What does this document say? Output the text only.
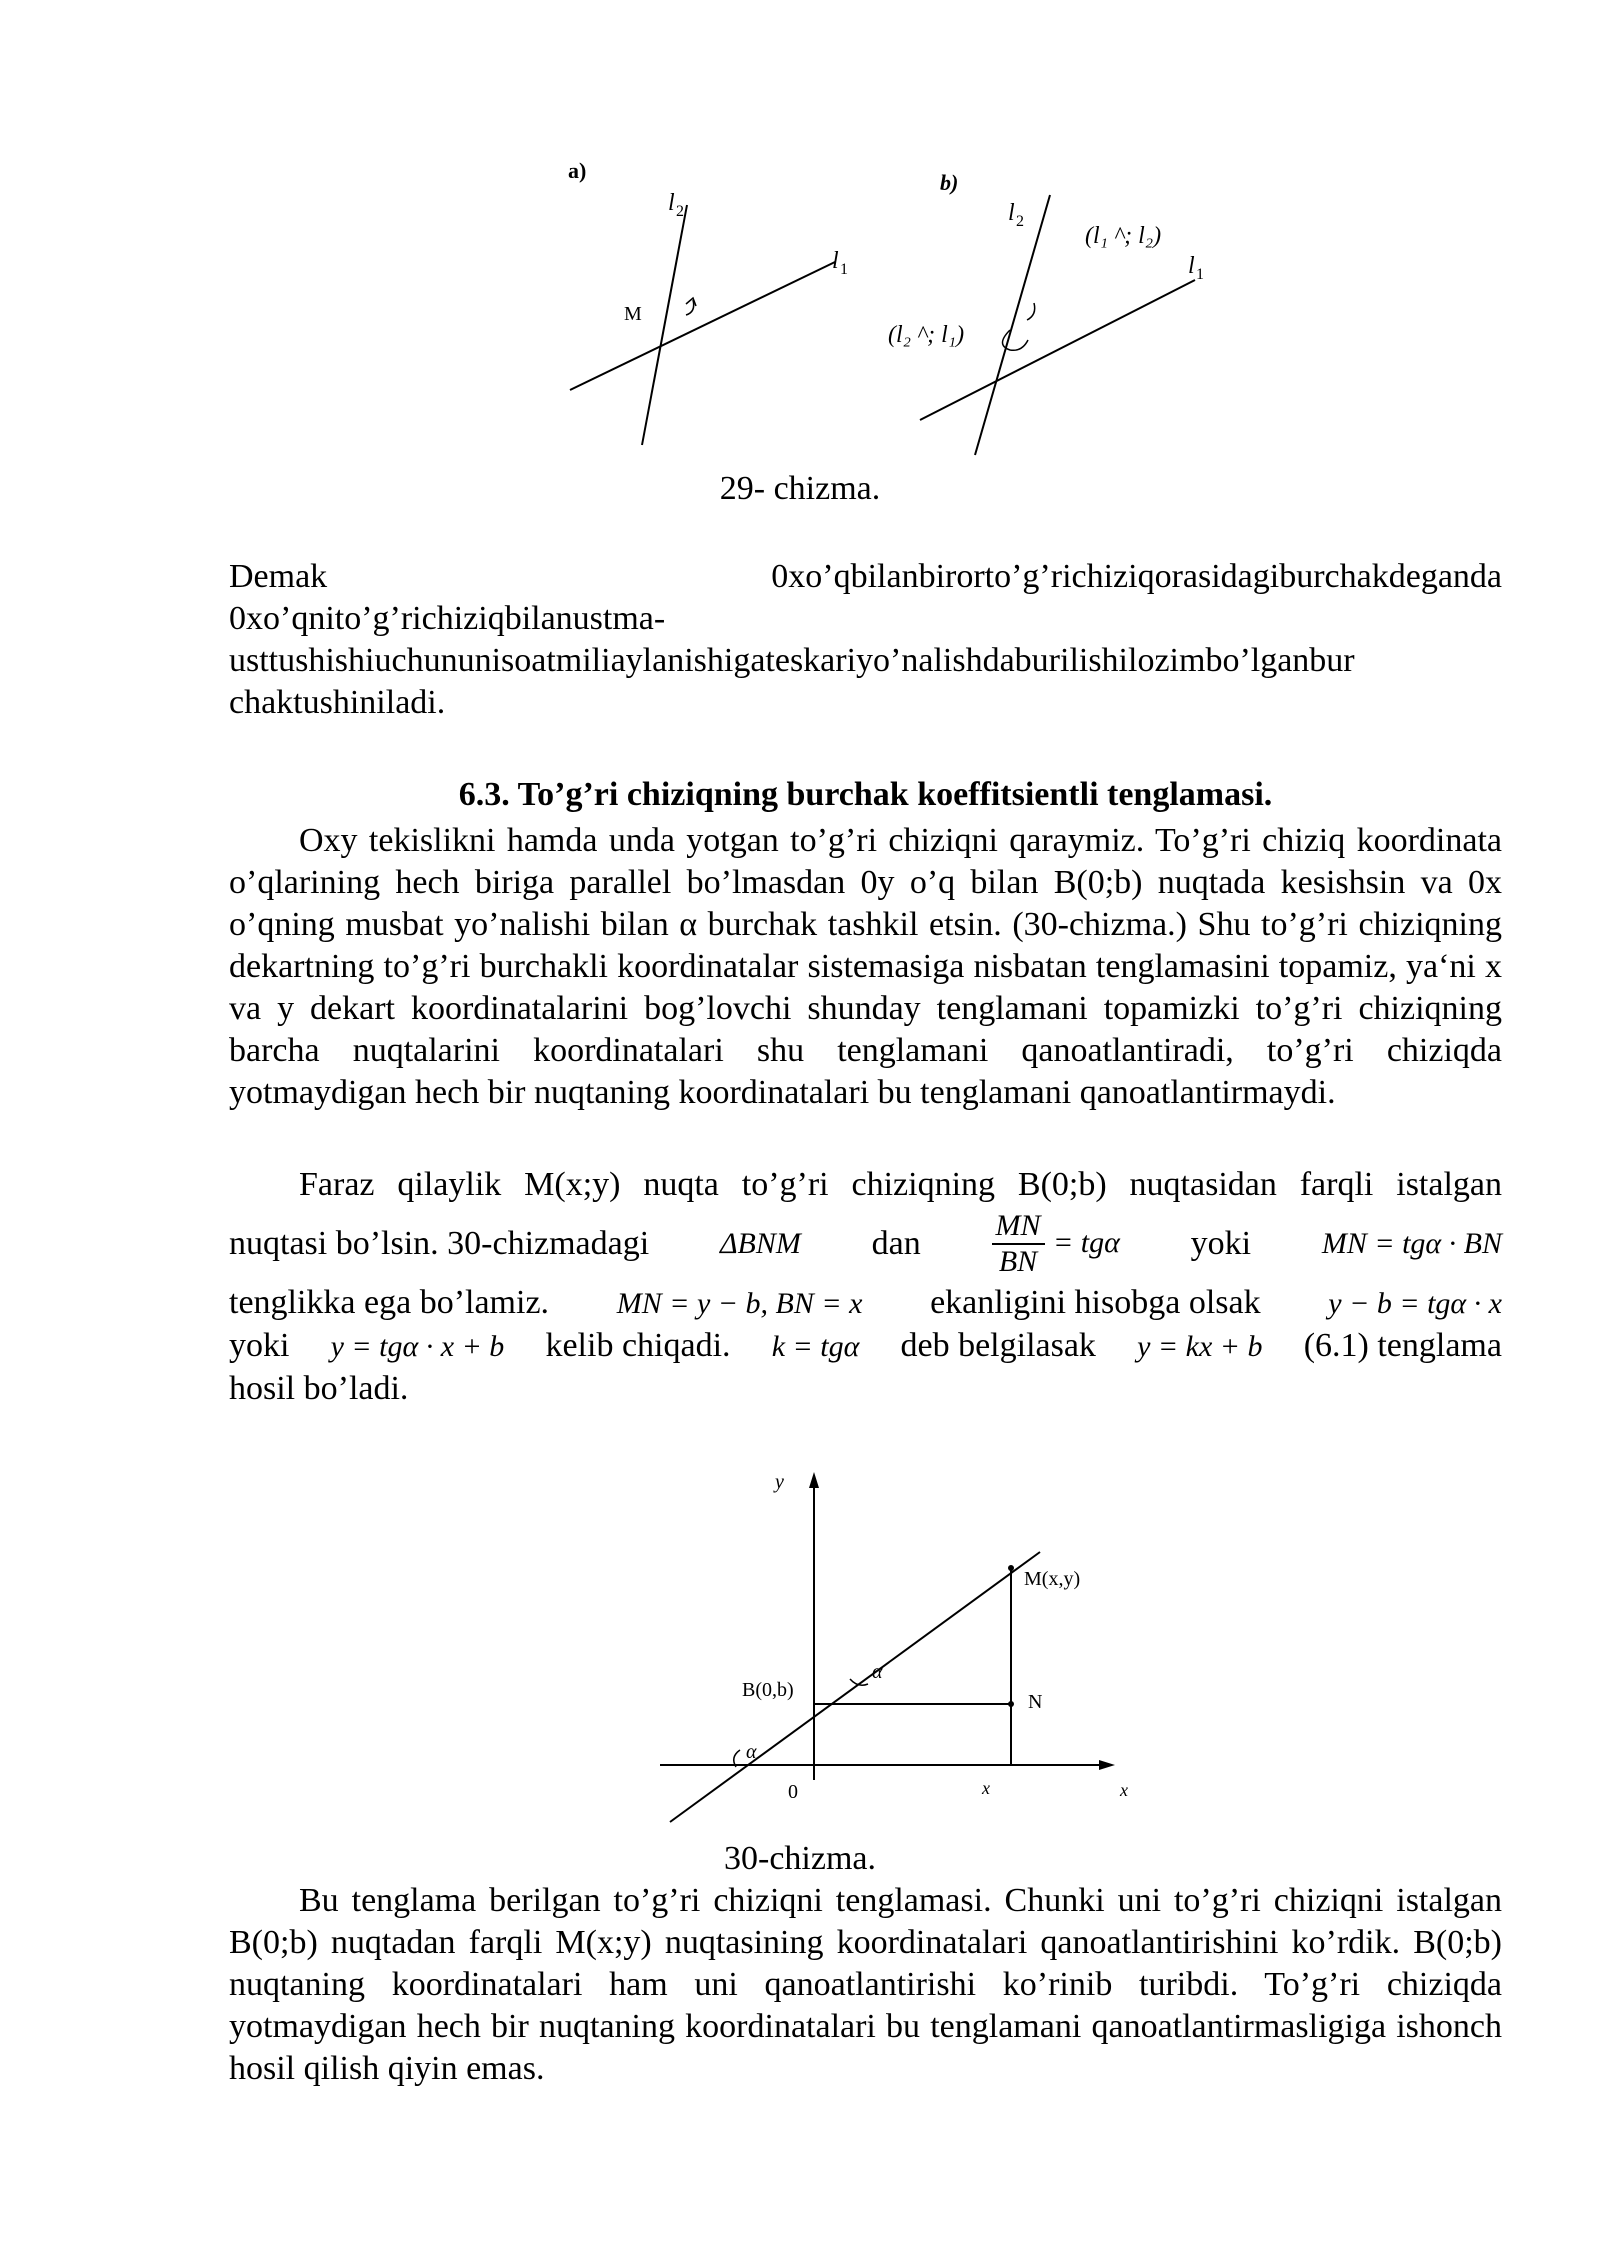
a)
l 2
l 1
M
b)
l 2
l 1
(l₁ ^; l₂)
(l₂ ^; l₁)
29- chizma.
Demak	0xo’qbilanbirorto’g’richiziqorasidagiburchakdeganda
0xo’qnito’g’richiziqbilanustma-
usttushishiuchununisoatmiliaylanishigateskariyo’nalishdaburilishilozimbo’lganbur
chaktushiniladi.
6.3. To’g’ri chiziqning burchak koeffitsientli tenglamasi.
Oxy tekislikni hamda unda yotgan to’g’ri chiziqni qaraymiz. To’g’ri chiziq koordinata o’qlarining hech biriga parallel bo’lmasdan 0y o’q bilan B(0;b) nuqtada kesishsin va 0x o’qning musbat yo’nalishi bilan α burchak tashkil etsin. (30-chizma.) Shu to’g’ri chiziqning dekartning to’g’ri burchakli koordinatalar sistemasiga nisbatan tenglamasini topamiz, ya‘ni x va y dekart koordinatalarini bog’lovchi shunday tenglamani topamizki to’g’ri chiziqning barcha nuqtalarini koordinatalari shu tenglamani qanoatlantiradi, to’g’ri chiziqda yotmaydigan hech bir nuqtaning koordinatalari bu tenglamani qanoatlantirmaydi.
Faraz qilaylik M(x;y) nuqta to’g’ri chiziqning B(0;b) nuqtasidan farqli istalgan
nuqtasi bo’lsin. 30-chizmadagi ΔBNM dan $\frac{MN}{BN} = tg\alpha$ yoki MN = tgα · BN
tenglikka ega bo’lamiz. MN = y − b, BN = x ekanligini hisobga olsak y − b = tgα · x
yoki y = tgα · x + b kelib chiqadi. k = tgα deb belgilasak y = kx + b (6.1) tenglama
hosil bo’ladi.
y
x
0	x
M(x,y)
B(0,b)
N
α
α
30-chizma.
Bu tenglama berilgan to’g’ri chiziqni tenglamasi. Chunki uni to’g’ri chiziqni istalgan B(0;b) nuqtadan farqli M(x;y) nuqtasining koordinatalari qanoatlantirishini ko’rdik. B(0;b) nuqtaning koordinatalari ham uni qanoatlantirishi ko’rinib turibdi. To’g’ri chiziqda yotmaydigan hech bir nuqtaning koordinatalari bu tenglamani qanoatlantirmasligiga ishonch hosil qilish qiyin emas.
